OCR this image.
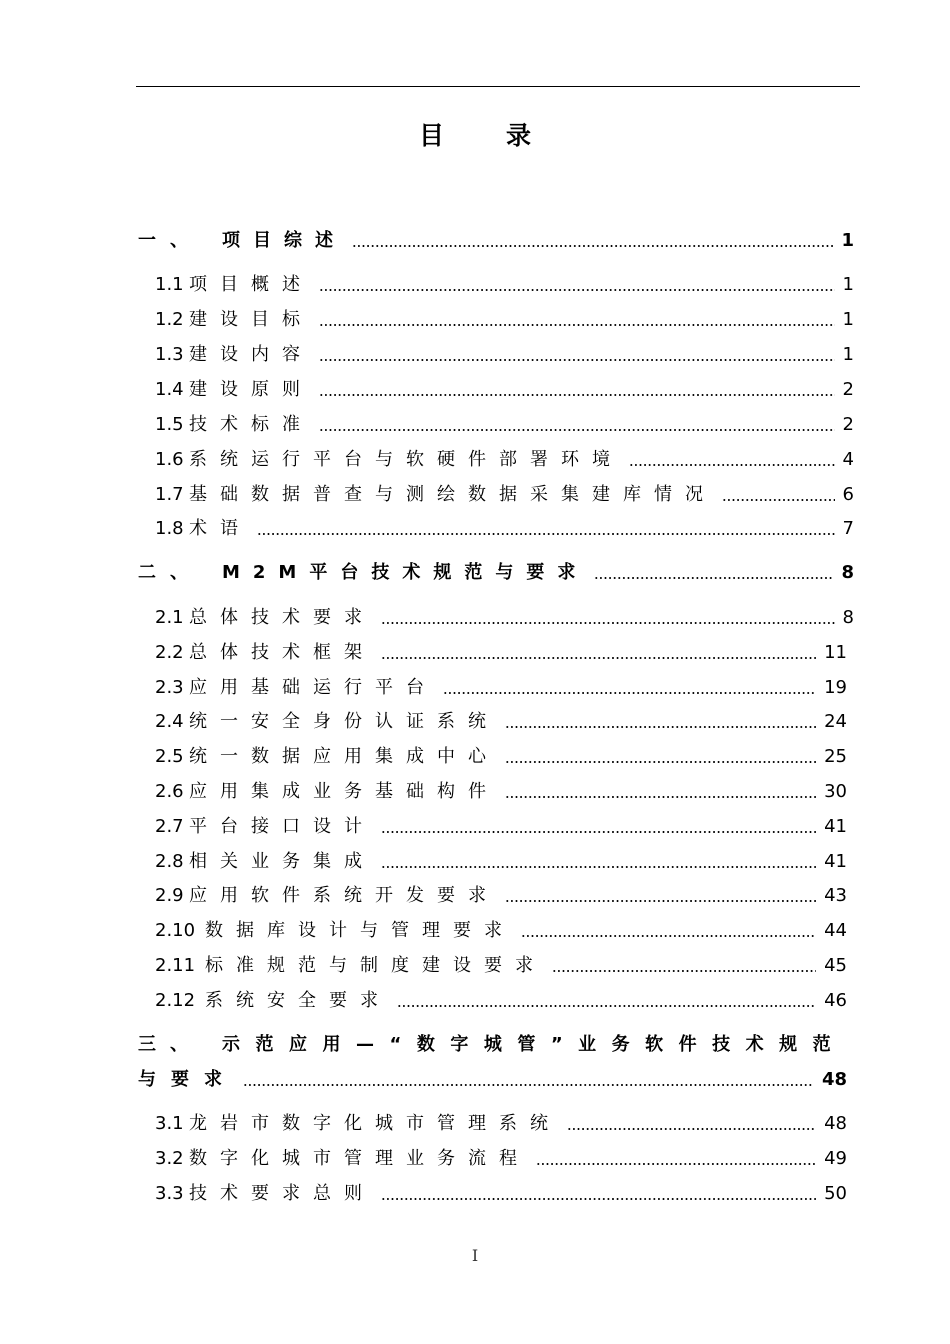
目录
一、	项目综述	1
1.1 项目概述	1
1.2 建设目标	1
1.3 建设内容	1
1.4 建设原则	2
1.5 技术标准	2
1.6 系统运行平台与软硬件部署环境	4
1.7 基础数据普查与测绘数据采集建库情况	6
1.8 术语	7
二、	M2M平台技术规范与要求	8
2.1 总体技术要求	8
2.2 总体技术框架	11
2.3 应用基础运行平台	19
2.4 统一安全身份认证系统	24
2.5 统一数据应用集成中心	25
2.6 应用集成业务基础构件	30
2.7 平台接口设计	41
2.8 相关业务集成	41
2.9 应用软件系统开发要求	43
2.10 数据库设计与管理要求	44
2.11 标准规范与制度建设要求	45
2.12 系统安全要求	46
三、	示范应用—“数字城管”业务软件技术规范
与要求	48
3.1 龙岩市数字化城市管理系统	48
3.2 数字化城市管理业务流程	49
3.3 技术要求总则	50
I
